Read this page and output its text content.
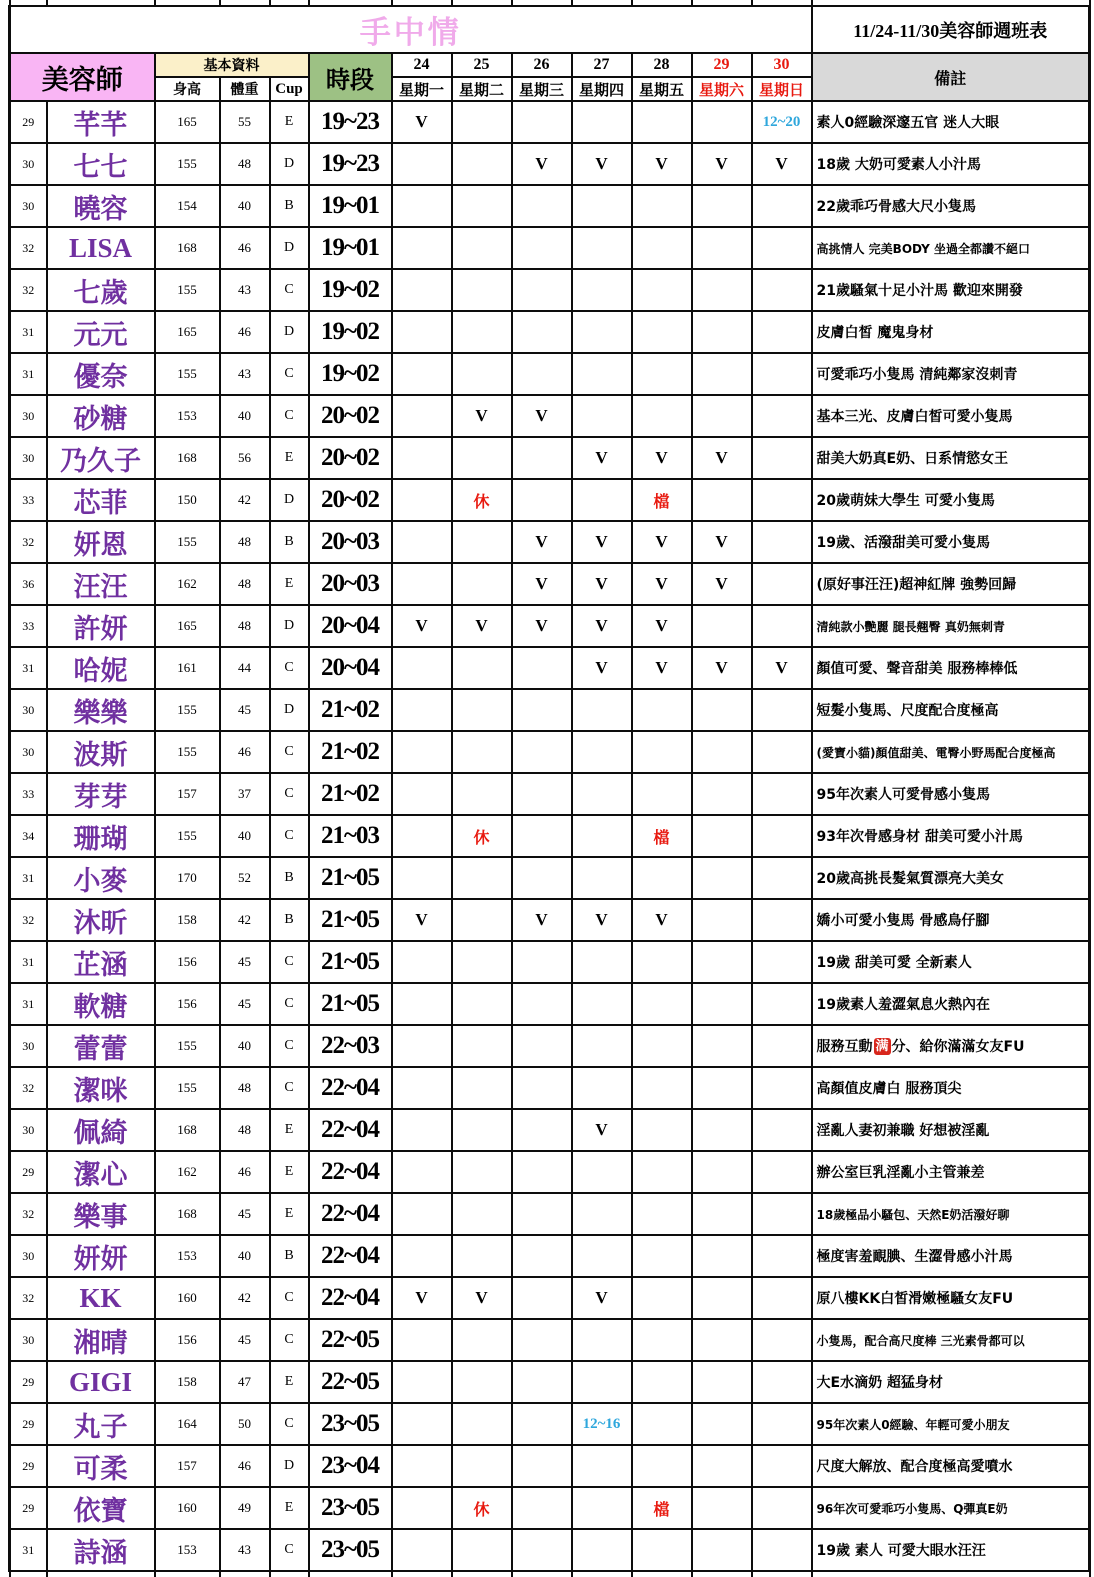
手中情													11/24-11/30美容師週班表
美容師		基本資料			時段	24	25	26	27	28	29	30	備註
		身高	體重	Cup		星期一	星期二	星期三	星期四	星期五	星期六	星期日	
29	芊芊	165	55	E	19~23	V						12~20	素人0經驗深邃五官 迷人大眼
30	七七	155	48	D	19~23			V	V	V	V	V	18歲 大奶可愛素人小汁馬
30	曉容	154	40	B	19~01								22歲乖巧骨感大尺小隻馬
32	LISA	168	46	D	19~01								高挑情人 完美BODY 坐過全都讚不絕口
32	七歲	155	43	C	19~02								21歲騷氣十足小汁馬 歡迎來開發
31	元元	165	46	D	19~02								皮膚白皙 魔鬼身材
31	優奈	155	43	C	19~02								可愛乖巧小隻馬 清純鄰家沒刺青
30	砂糖	153	40	C	20~02		V	V					基本三光、皮膚白皙可愛小隻馬
30	乃久子	168	56	E	20~02				V	V	V		甜美大奶真E奶、日系情慾女王
33	芯菲	150	42	D	20~02		休			檔			20歲萌妹大學生 可愛小隻馬
32	妍恩	155	48	B	20~03			V	V	V	V		19歲、活潑甜美可愛小隻馬
36	汪汪	162	48	E	20~03			V	V	V	V		(原好事汪汪)超神紅牌 強勢回歸
33	許妍	165	48	D	20~04	V	V	V	V	V			清純款小艷麗 腿長翹臀 真奶無刺青
31	哈妮	161	44	C	20~04				V	V	V	V	顏值可愛、聲音甜美 服務棒棒低
30	樂樂	155	45	D	21~02								短髮小隻馬、尺度配合度極高
30	波斯	155	46	C	21~02								(愛寶小貓)顏值甜美、電臀小野馬配合度極高
33	芽芽	157	37	C	21~02								95年次素人可愛骨感小隻馬
34	珊瑚	155	40	C	21~03		休			檔			93年次骨感身材 甜美可愛小汁馬
31	小麥	170	52	B	21~05								20歲高挑長髮氣質漂亮大美女
32	沐昕	158	42	B	21~05	V		V	V	V			嬌小可愛小隻馬 骨感鳥仔腳
31	芷涵	156	45	C	21~05								19歲 甜美可愛 全新素人
31	軟糖	156	45	C	21~05								19歲素人羞澀氣息火熱內在
30	蕾蕾	155	40	C	22~03								服務互動 满 分、給你滿滿女友FU
32	潔咪	155	48	C	22~04								高顏值皮膚白 服務頂尖
30	佩綺	168	48	E	22~04				V				淫亂人妻初兼職 好想被淫亂
29	潔心	162	46	E	22~04								辦公室巨乳淫亂小主管兼差
32	樂事	168	45	E	22~04								18歲極品小騷包、天然E奶活潑好聊
30	妍妍	153	40	B	22~04								極度害羞靦腆、生澀骨感小汁馬
32	KK	160	42	C	22~04	V	V		V				原八樓KK白皙滑嫩極騷女友FU
30	湘晴	156	45	C	22~05								小隻馬，配合高尺度棒 三光素骨都可以
29	GIGI	158	47	E	22~05								大E水滴奶 超猛身材
29	丸子	164	50	C	23~05				12~16				95年次素人0經驗、年輕可愛小朋友
29	可柔	157	46	D	23~04								尺度大解放、配合度極高愛噴水
29	依寶	160	49	E	23~05		休			檔			96年次可愛乖巧小隻馬、Q彈真E奶
31	詩涵	153	43	C	23~05								19歲 素人 可愛大眼水汪汪
